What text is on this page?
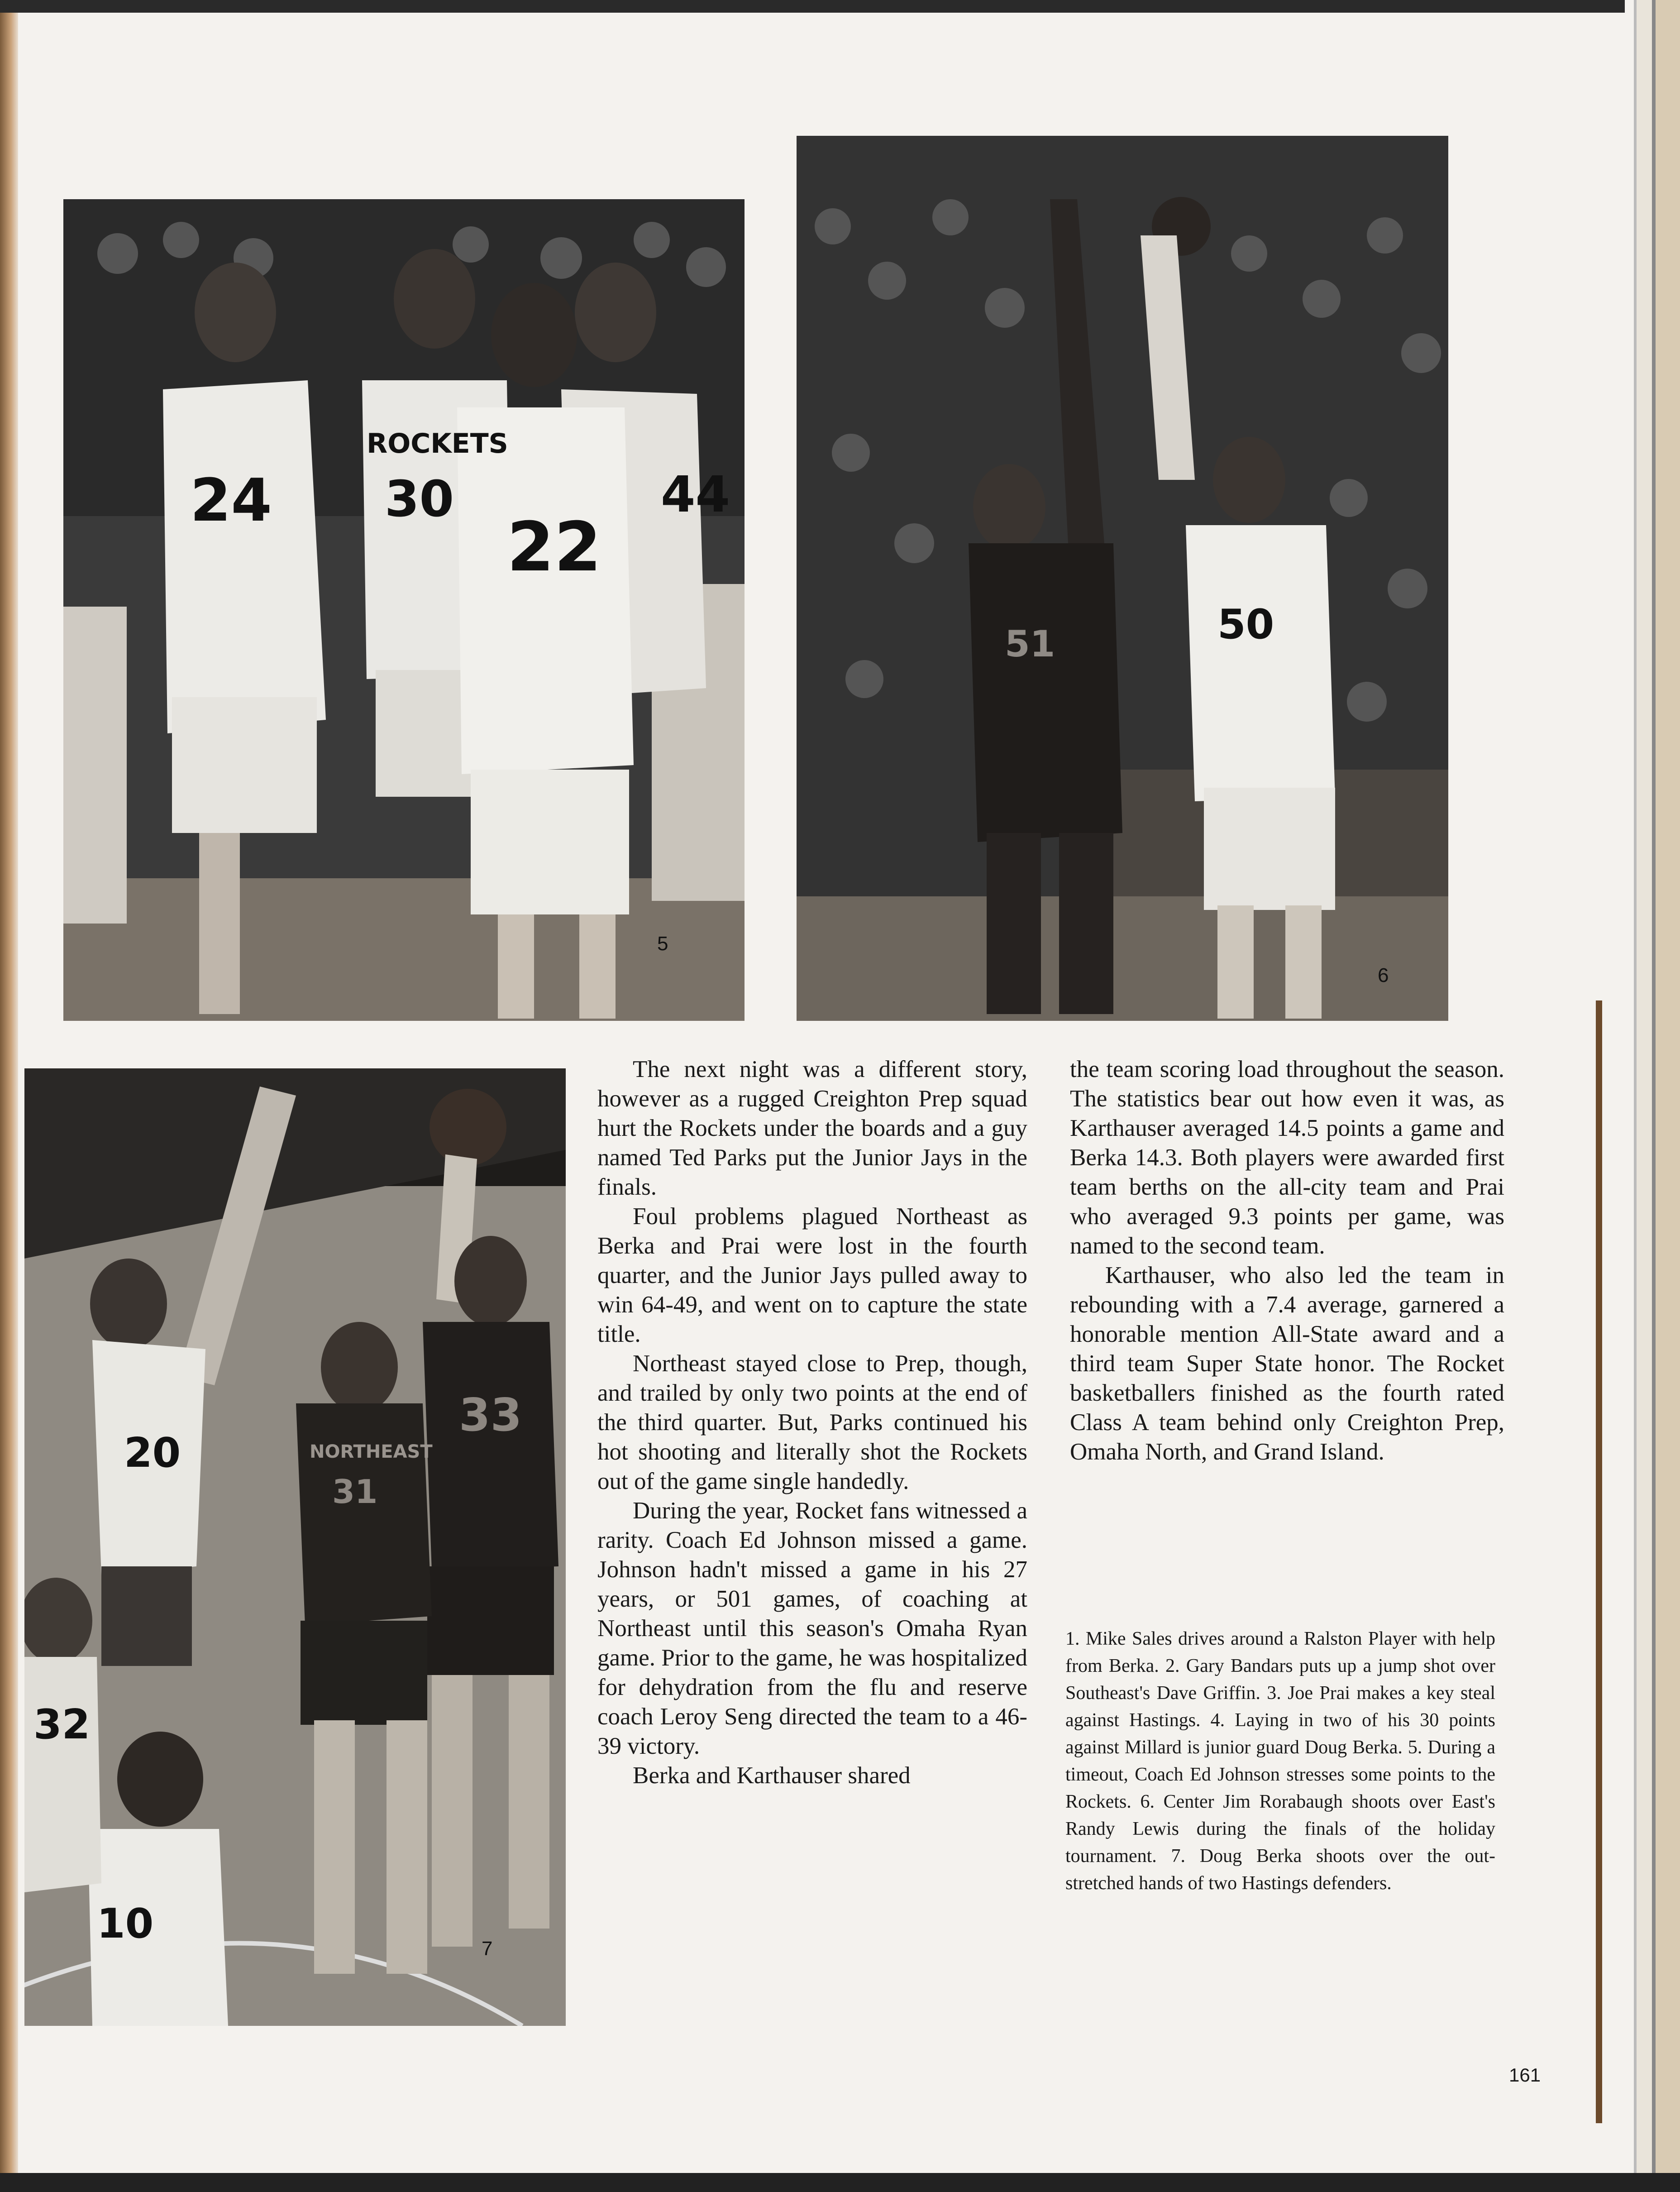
24 30
22
44
ROCKETS
5
51	50
6
33
31
20
32
10
NORTHEAST
7

The next night was a different story, however as a rugged Creighton Prep squad hurt the Rockets under the boards and a guy named Ted Parks put the Junior Jays in the finals.

Foul problems plagued Northeast as Berka and Prai were lost in the fourth quarter, and the Junior Jays pulled away to win 64-49, and went on to capture the state title.

Northeast stayed close to Prep, though, and trailed by only two points at the end of the third quarter. But, Parks continued his hot shooting and literally shot the Rockets out of the game single handedly.

During the year, Rocket fans witnessed a rarity. Coach Ed Johnson missed a game. Johnson hadn't missed a game in his 27 years, or 501 games, of coaching at Northeast until this season's Omaha Ryan game. Prior to the game, he was hospitalized for dehydration from the flu and reserve coach Leroy Seng directed the team to a 46-39 victory.

Berka and Karthauser shared

the team scoring load throughout the season. The statistics bear out how even it was, as Karthauser averaged 14.5 points a game and Berka 14.3. Both players were awarded first team berths on the all-city team and Prai who averaged 9.3 points per game, was named to the second team.

Karthauser, who also led the team in rebounding with a 7.4 average, garnered a honorable mention All-State award and a third team Super State honor. The Rocket basketballers finished as the fourth rated Class A team behind only Creighton Prep, Omaha North, and Grand Island.

1. Mike Sales drives around a Ralston Player with help from Berka. 2. Gary Bandars puts up a jump shot over Southeast's Dave Griffin. 3. Joe Prai makes a key steal against Hastings. 4. Laying in two of his 30 points against Millard is junior guard Doug Berka. 5. During a timeout, Coach Ed Johnson stresses some points to the Rockets. 6. Center Jim Rorabaugh shoots over East's Randy Lewis during the finals of the holiday tournament. 7. Doug Berka shoots over the out-stretched hands of two Hastings defenders.

161
